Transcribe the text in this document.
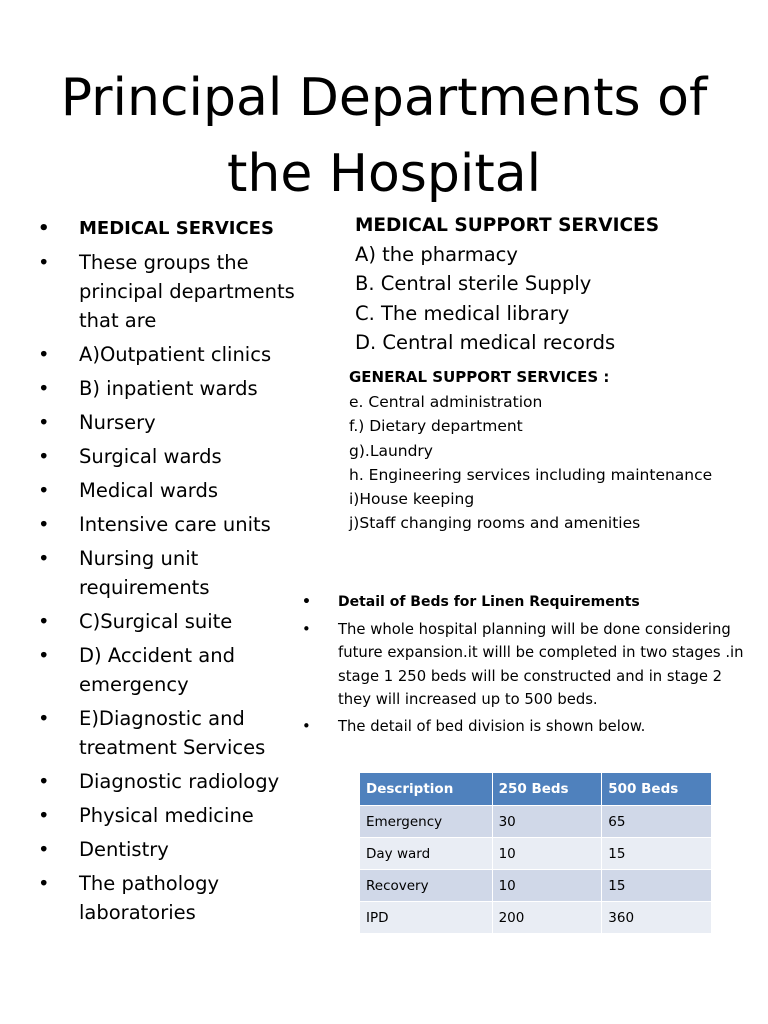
Principal Departments of
the Hospital
• MEDICAL SERVICES
• These groups the principal departments that are
• A)Outpatient clinics
• B) inpatient wards
• Nursery
• Surgical wards
• Medical wards
• Intensive care units
• Nursing unit requirements
• C)Surgical suite
• D) Accident and emergency
• E)Diagnostic and treatment Services
• Diagnostic radiology
• Physical medicine
• Dentistry
• The pathology laboratories
MEDICAL SUPPORT SERVICES
A) the pharmacy
B. Central sterile Supply
C. The medical library
D. Central medical records
GENERAL SUPPORT SERVICES :
e. Central administration
f.) Dietary department
g).Laundry
h. Engineering services including maintenance
i)House keeping
j)Staff changing rooms and amenities
• Detail of Beds for Linen Requirements
• The whole hospital planning will be done considering future expansion.it willl be completed in two stages .in stage 1 250 beds will be constructed and in stage 2 they will increased up to 500 beds.
• The detail of bed division is shown below.
Description	250 Beds	500 Beds
Emergency	30	65
Day ward	10	15
Recovery	10	15
IPD	200	360
